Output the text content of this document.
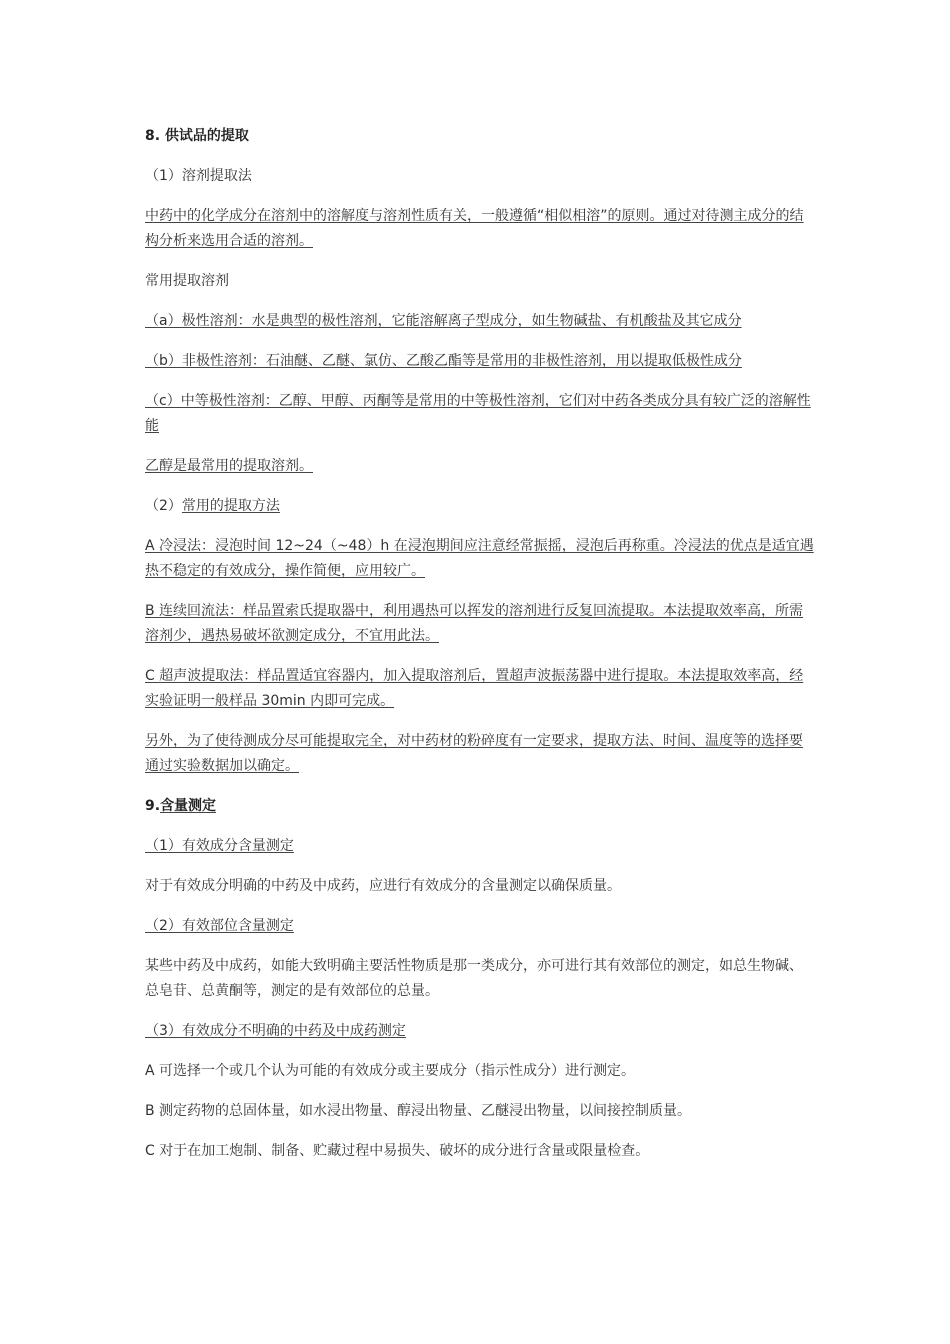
8. 供试品的提取

（1）溶剂提取法

中药中的化学成分在溶剂中的溶解度与溶剂性质有关，一般遵循“相似相溶”的原则。通过对待测主成分的结构分析来选用合适的溶剂。

常用提取溶剂

（a）极性溶剂：水是典型的极性溶剂，它能溶解离子型成分，如生物碱盐、有机酸盐及其它成分

（b）非极性溶剂：石油醚、乙醚、氯仿、乙酸乙酯等是常用的非极性溶剂，用以提取低极性成分

（c）中等极性溶剂：乙醇、甲醇、丙酮等是常用的中等极性溶剂，它们对中药各类成分具有较广泛的溶解性能

乙醇是最常用的提取溶剂。

（2）常用的提取方法

A 冷浸法：浸泡时间 12~24（~48）h 在浸泡期间应注意经常振摇，浸泡后再称重。冷浸法的优点是适宜遇热不稳定的有效成分，操作简便，应用较广。

B 连续回流法：样品置索氏提取器中，利用遇热可以挥发的溶剂进行反复回流提取。本法提取效率高，所需溶剂少，遇热易破坏欲测定成分，不宜用此法。

C 超声波提取法：样品置适宜容器内，加入提取溶剂后，置超声波振荡器中进行提取。本法提取效率高，经实验证明一般样品 30min 内即可完成。

另外，为了使待测成分尽可能提取完全，对中药材的粉碎度有一定要求，提取方法、时间、温度等的选择要通过实验数据加以确定。

9.含量测定

（1）有效成分含量测定

对于有效成分明确的中药及中成药，应进行有效成分的含量测定以确保质量。

（2）有效部位含量测定

某些中药及中成药，如能大致明确主要活性物质是那一类成分，亦可进行其有效部位的测定，如总生物碱、总皂苷、总黄酮等，测定的是有效部位的总量。

（3）有效成分不明确的中药及中成药测定

A 可选择一个或几个认为可能的有效成分或主要成分（指示性成分）进行测定。

B 测定药物的总固体量，如水浸出物量、醇浸出物量、乙醚浸出物量，以间接控制质量。

C 对于在加工炮制、制备、贮藏过程中易损失、破坏的成分进行含量或限量检查。
